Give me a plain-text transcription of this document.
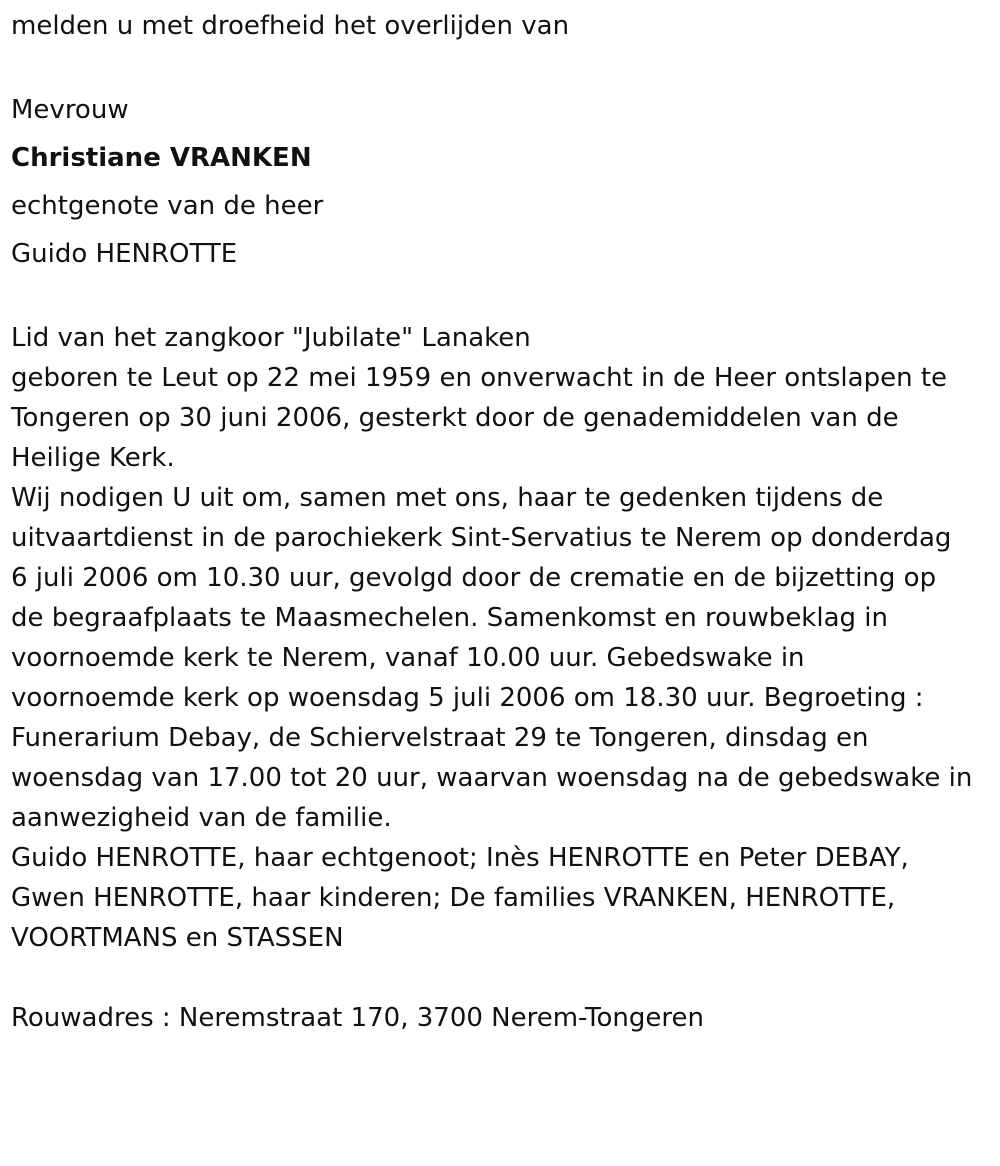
melden u met droefheid het overlijden van

Mevrouw

Christiane VRANKEN

echtgenote van de heer

Guido HENROTTE

Lid van het zangkoor "Jubilate" Lanaken

geboren te Leut op 22 mei 1959 en onverwacht in de Heer ontslapen te

Tongeren op 30 juni 2006, gesterkt door de genademiddelen van de

Heilige Kerk.

Wij nodigen U uit om, samen met ons, haar te gedenken tijdens de

uitvaartdienst in de parochiekerk Sint-Servatius te Nerem op donderdag

6 juli 2006 om 10.30 uur, gevolgd door de crematie en de bijzetting op

de begraafplaats te Maasmechelen. Samenkomst en rouwbeklag in

voornoemde kerk te Nerem, vanaf 10.00 uur. Gebedswake in

voornoemde kerk op woensdag 5 juli 2006 om 18.30 uur. Begroeting :

Funerarium Debay, de Schiervelstraat 29 te Tongeren, dinsdag en

woensdag van 17.00 tot 20 uur, waarvan woensdag na de gebedswake in

aanwezigheid van de familie.

Guido HENROTTE, haar echtgenoot; Inès HENROTTE en Peter DEBAY,

Gwen HENROTTE, haar kinderen; De families VRANKEN, HENROTTE,

VOORTMANS en STASSEN

Rouwadres : Neremstraat 170, 3700 Nerem-Tongeren
